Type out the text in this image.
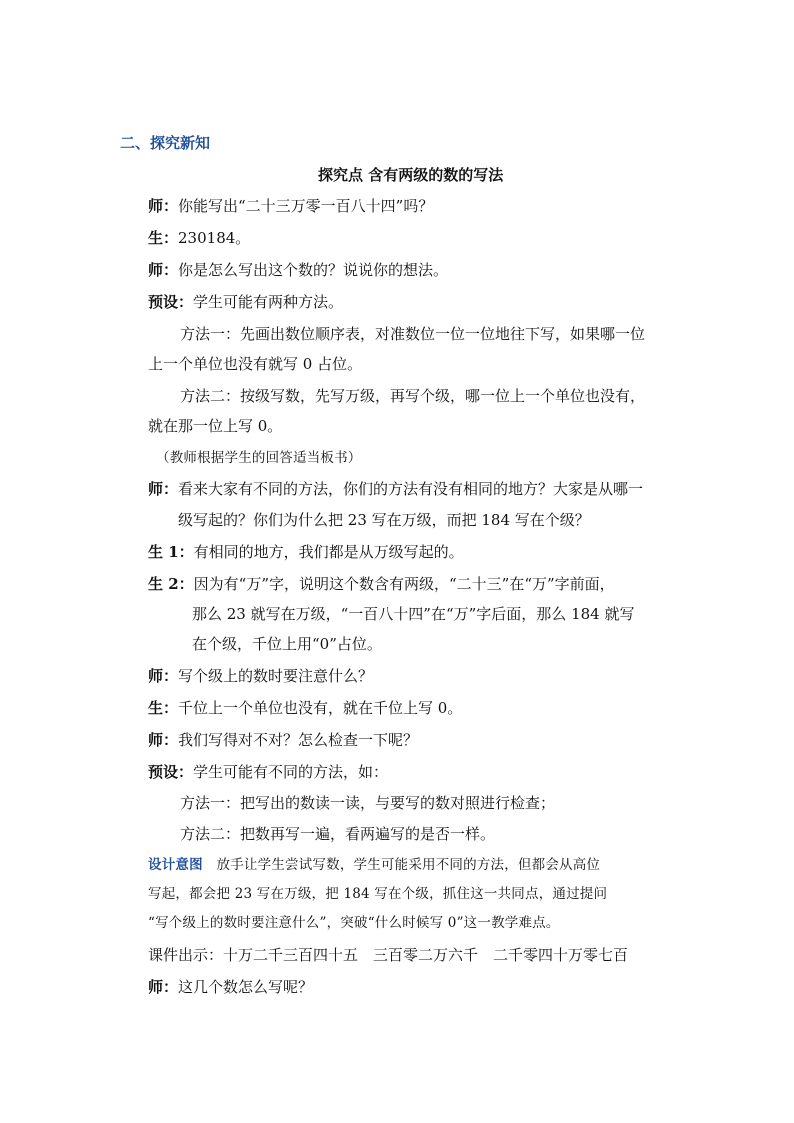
二、探究新知
探究点 含有两级的数的写法
师：你能写出“二十三万零一百八十四”吗？
生：230184。
师：你是怎么写出这个数的？说说你的想法。
预设：学生可能有两种方法。
方法一：先画出数位顺序表，对准数位一位一位地往下写，如果哪一位
上一个单位也没有就写 0 占位。
方法二：按级写数，先写万级，再写个级，哪一位上一个单位也没有，
就在那一位上写 0。
（教师根据学生的回答适当板书）
师：看来大家有不同的方法，你们的方法有没有相同的地方？大家是从哪一
级写起的？你们为什么把 23 写在万级，而把 184 写在个级？
生 1：有相同的地方，我们都是从万级写起的。
生 2：因为有“万”字，说明这个数含有两级，“二十三”在“万”字前面，
那么 23 就写在万级，“一百八十四”在“万”字后面，那么 184 就写
在个级，千位上用“0”占位。
师：写个级上的数时要注意什么？
生：千位上一个单位也没有，就在千位上写 0。
师：我们写得对不对？怎么检查一下呢？
预设：学生可能有不同的方法，如：
方法一：把写出的数读一读，与要写的数对照进行检查；
方法二：把数再写一遍，看两遍写的是否一样。
设计意图  放手让学生尝试写数，学生可能采用不同的方法，但都会从高位
写起，都会把 23 写在万级，把 184 写在个级，抓住这一共同点，通过提问
“写个级上的数时要注意什么”，突破“什么时候写 0”这一教学难点。
课件出示：十万二千三百四十五  三百零二万六千  二千零四十万零七百
师：这几个数怎么写呢？
